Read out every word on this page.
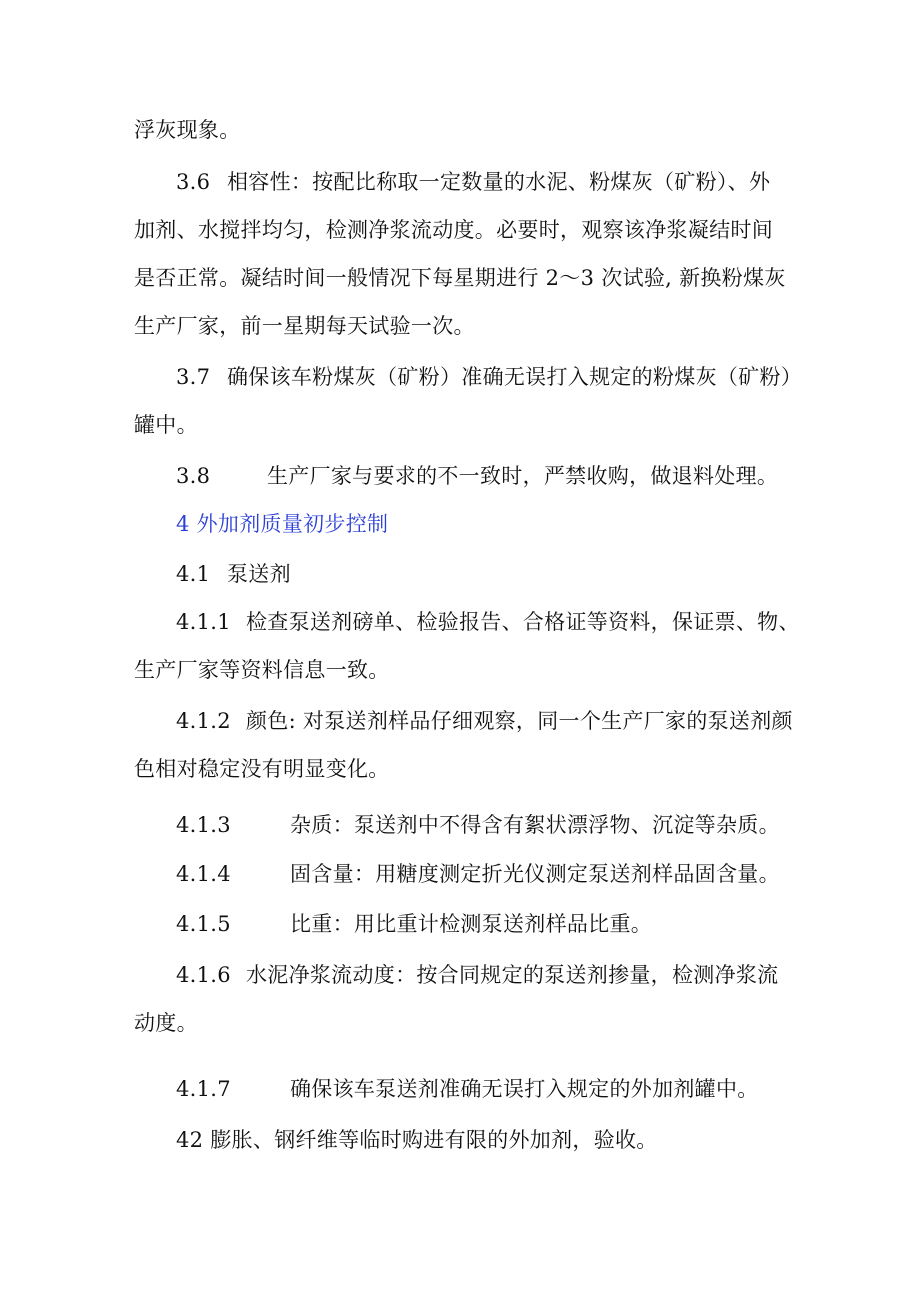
浮灰现象。
3.6 相容性：按配比称取一定数量的水泥、粉煤灰（矿粉）、外
加剂、水搅拌均匀，检测净浆流动度。必要时，观察该净浆凝结时间
是否正常。凝结时间一般情况下每星期进行 2～3 次试验, 新换粉煤灰
生产厂家，前一星期每天试验一次。
3.7 确保该车粉煤灰（矿粉）准确无误打入规定的粉煤灰（矿粉）
罐中。
3.8	生产厂家与要求的不一致时，严禁收购，做退料处理。
4 外加剂质量初步控制
4.1 泵送剂
4.1.1 检查泵送剂磅单、检验报告、合格证等资料，保证票、物、
生产厂家等资料信息一致。
4.1.2 颜色: 对泵送剂样品仔细观察，同一个生产厂家的泵送剂颜
色相对稳定没有明显变化。
4.1.3	杂质：泵送剂中不得含有絮状漂浮物、沉淀等杂质。
4.1.4	固含量：用糖度测定折光仪测定泵送剂样品固含量。
4.1.5	比重：用比重计检测泵送剂样品比重。
4.1.6 水泥净浆流动度：按合同规定的泵送剂掺量，检测净浆流
动度。
4.1.7	确保该车泵送剂准确无误打入规定的外加剂罐中。
42 膨胀、钢纤维等临时购进有限的外加剂，验收。
